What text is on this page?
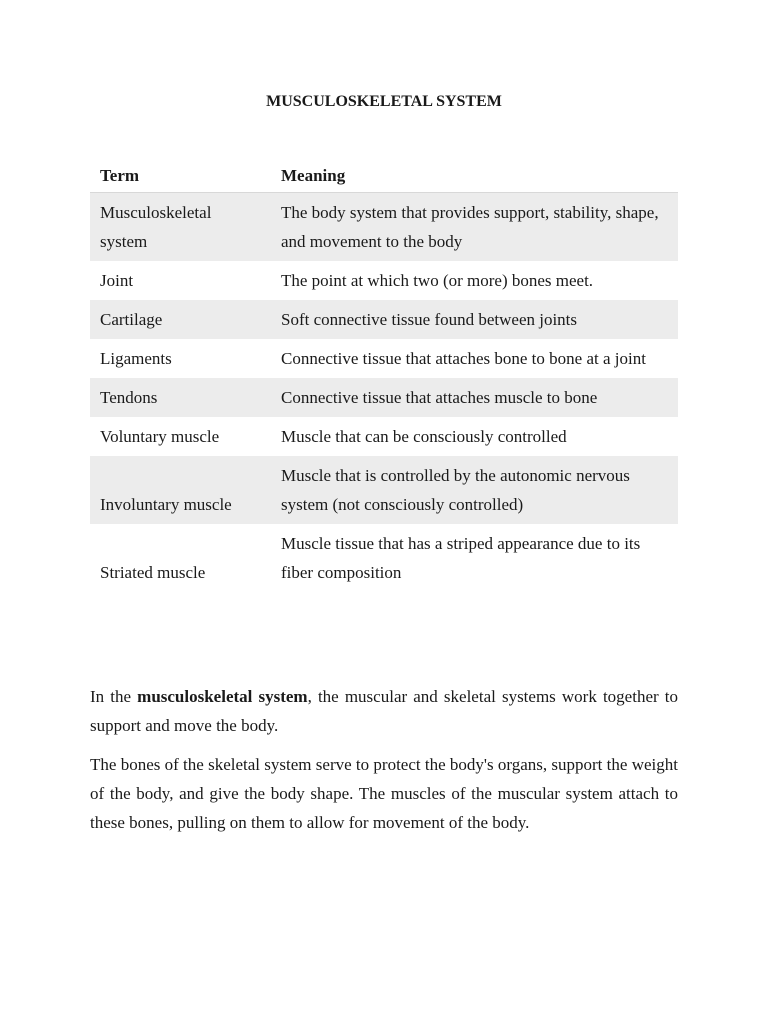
MUSCULOSKELETAL SYSTEM
Term	Meaning
Musculoskeletal system	The body system that provides support, stability, shape, and movement to the body
Joint	The point at which two (or more) bones meet.
Cartilage	Soft connective tissue found between joints
Ligaments	Connective tissue that attaches bone to bone at a joint
Tendons	Connective tissue that attaches muscle to bone
Voluntary muscle	Muscle that can be consciously controlled
Involuntary muscle	Muscle that is controlled by the autonomic nervous system (not consciously controlled)
Striated muscle	Muscle tissue that has a striped appearance due to its fiber composition

In the musculoskeletal system, the muscular and skeletal systems work together to support and move the body.

The bones of the skeletal system serve to protect the body's organs, support the weight of the body, and give the body shape. The muscles of the muscular system attach to these bones, pulling on them to allow for movement of the body.
